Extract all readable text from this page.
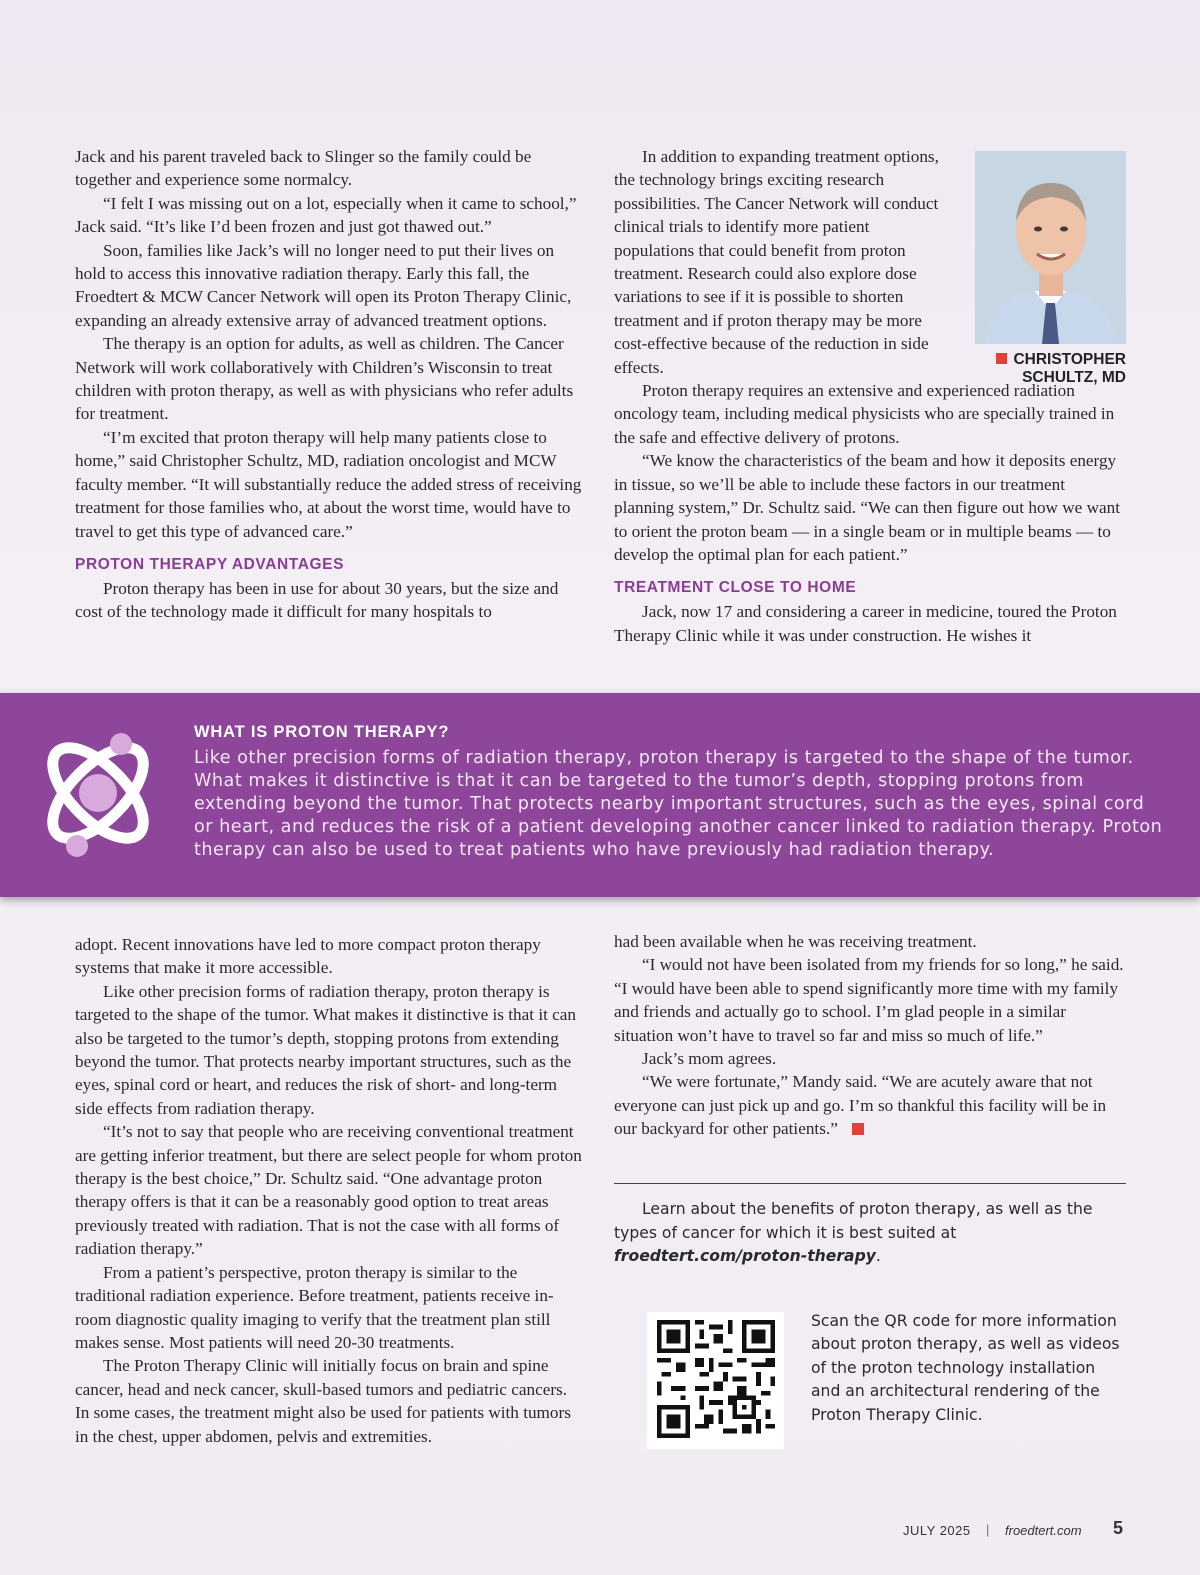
Jack and his parent traveled back to Slinger so the family could be together and experience some normalcy.

“I felt I was missing out on a lot, especially when it came to school,” Jack said. “It’s like I’d been frozen and just got thawed out.”

Soon, families like Jack’s will no longer need to put their lives on hold to access this innovative radiation therapy. Early this fall, the Froedtert & MCW Cancer Network will open its Proton Therapy Clinic, expanding an already extensive array of advanced treatment options.

The therapy is an option for adults, as well as children. The Cancer Network will work collaboratively with Children’s Wisconsin to treat children with proton therapy, as well as with physicians who refer adults for treatment.

“I’m excited that proton therapy will help many patients close to home,” said Christopher Schultz, MD, radiation oncologist and MCW faculty member. “It will substantially reduce the added stress of receiving treatment for those families who, at about the worst time, would have to travel to get this type of advanced care.”

PROTON THERAPY ADVANTAGES

Proton therapy has been in use for about 30 years, but the size and cost of the technology made it difficult for many hospitals to

In addition to expanding treatment options, the technology brings exciting research possibilities. The Cancer Network will conduct clinical trials to identify more patient populations that could benefit from proton treatment. Research could also explore dose variations to see if it is possible to shorten treatment and if proton therapy may be more cost-effective because of the reduction in side effects.

Proton therapy requires an extensive and experienced radiation oncology team, including medical physicists who are specially trained in the safe and effective delivery of protons.

“We know the characteristics of the beam and how it deposits energy in tissue, so we’ll be able to include these factors in our treatment planning system,” Dr. Schultz said. “We can then figure out how we want to orient the proton beam — in a single beam or in multiple beams — to develop the optimal plan for each patient.”

TREATMENT CLOSE TO HOME

Jack, now 17 and considering a career in medicine, toured the Proton Therapy Clinic while it was under construction. He wishes it

CHRISTOPHER
SCHULTZ, MD
WHAT IS PROTON THERAPY?
Like other precision forms of radiation therapy, proton therapy is targeted to the shape of the tumor. What makes it distinctive is that it can be targeted to the tumor’s depth, stopping protons from extending beyond the tumor. That protects nearby important structures, such as the eyes, spinal cord or heart, and reduces the risk of a patient developing another cancer linked to radiation therapy. Proton therapy can also be used to treat patients who have previously had radiation therapy.

adopt. Recent innovations have led to more compact proton therapy systems that make it more accessible.

Like other precision forms of radiation therapy, proton therapy is targeted to the shape of the tumor. What makes it distinctive is that it can also be targeted to the tumor’s depth, stopping protons from extending beyond the tumor. That protects nearby important structures, such as the eyes, spinal cord or heart, and reduces the risk of short- and long-term side effects from radiation therapy.

“It’s not to say that people who are receiving conventional treatment are getting inferior treatment, but there are select people for whom proton therapy is the best choice,” Dr. Schultz said. “One advantage proton therapy offers is that it can be a reasonably good option to treat areas previously treated with radiation. That is not the case with all forms of radiation therapy.”

From a patient’s perspective, proton therapy is similar to the traditional radiation experience. Before treatment, patients receive in-room diagnostic quality imaging to verify that the treatment plan still makes sense. Most patients will need 20-30 treatments.

The Proton Therapy Clinic will initially focus on brain and spine cancer, head and neck cancer, skull-based tumors and pediatric cancers. In some cases, the treatment might also be used for patients with tumors in the chest, upper abdomen, pelvis and extremities.

had been available when he was receiving treatment.

“I would not have been isolated from my friends for so long,” he said. “I would have been able to spend significantly more time with my family and friends and actually go to school. I’m glad people in a similar situation won’t have to travel so far and miss so much of life.”

Jack’s mom agrees.

“We were fortunate,” Mandy said. “We are acutely aware that not everyone can just pick up and go. I’m so thankful this facility will be in our backyard for other patients.”

Learn about the benefits of proton therapy, as well as the types of cancer for which it is best suited at froedtert.com/proton-therapy.
Scan the QR code for more information about proton therapy, as well as videos of the proton technology installation and an architectural rendering of the Proton Therapy Clinic.
JULY 2025 | froedtert.com 5
